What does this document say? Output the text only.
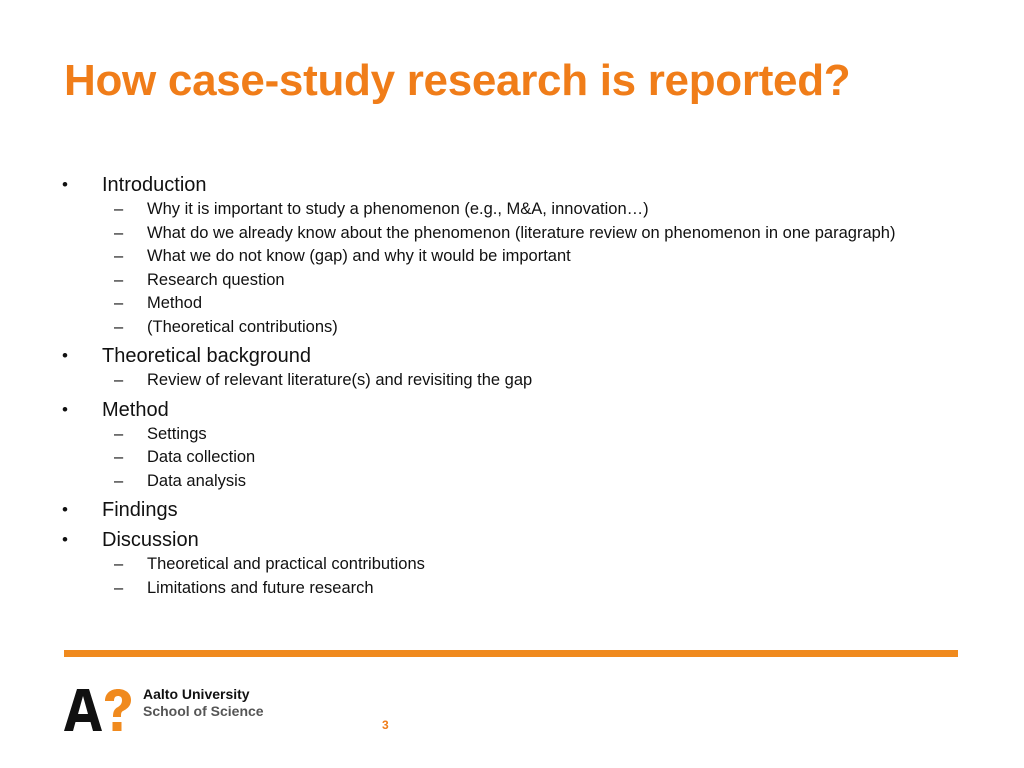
How case-study research is reported?
• Introduction
– Why it is important to study a phenomenon (e.g., M&A, innovation…)
– What do we already know about the phenomenon (literature review on phenomenon in one paragraph)
– What we do not know (gap) and why it would be important
– Research question
– Method
– (Theoretical contributions)
• Theoretical background
– Review of relevant literature(s) and revisiting the gap
• Method
– Settings
– Data collection
– Data analysis
• Findings
• Discussion
– Theoretical and practical contributions
– Limitations and future research
Aalto University
School of Science
3
